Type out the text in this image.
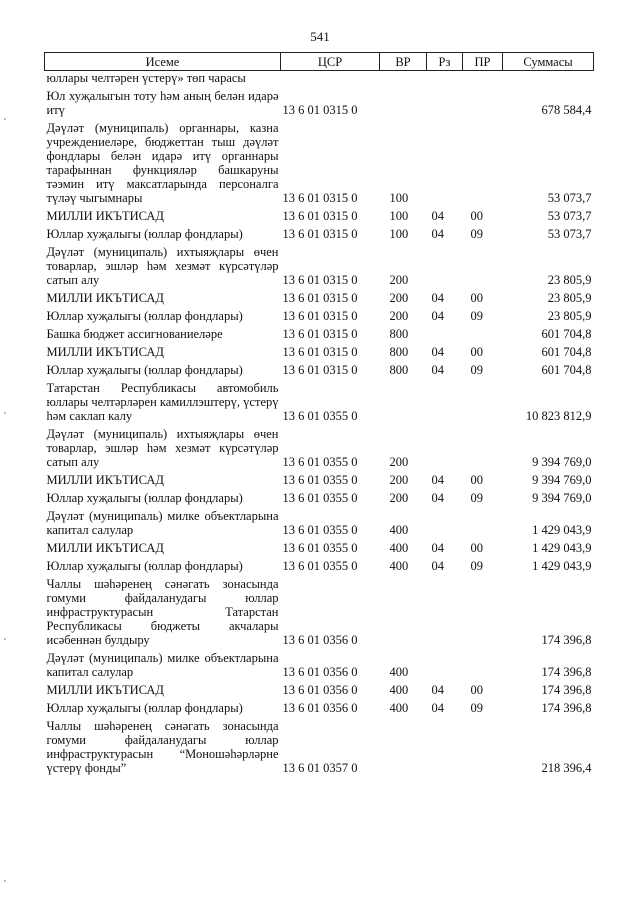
541
Исеме	ЦСР	ВР	Рз	ПР	Суммасы
юллары челтәрен үстерү» төп чарасы					
Юл хуҗалыгын тоту һәм аның белән идарә итү	13 6 01 0315 0				678 584,4
Дәүләт (муниципаль) органнары, казна учреждениеләре, бюджеттан тыш дәүләт фондлары белән идарә итү органнары тарафыннан функцияләр башкаруны тәэмин итү максатларында персоналга түләү чыгымнары	13 6 01 0315 0	100			53 073,7
МИЛЛИ ИКЪТИСАД	13 6 01 0315 0	100	04	00	53 073,7
Юллар хуҗалыгы (юллар фондлары)	13 6 01 0315 0	100	04	09	53 073,7
Дәүләт (муниципаль) ихтыяҗлары өчен товарлар, эшләр һәм хезмәт күрсәтүләр сатып алу	13 6 01 0315 0	200			23 805,9
МИЛЛИ ИКЪТИСАД	13 6 01 0315 0	200	04	00	23 805,9
Юллар хуҗалыгы (юллар фондлары)	13 6 01 0315 0	200	04	09	23 805,9
Башка бюджет ассигнованиеләре	13 6 01 0315 0	800			601 704,8
МИЛЛИ ИКЪТИСАД	13 6 01 0315 0	800	04	00	601 704,8
Юллар хуҗалыгы (юллар фондлары)	13 6 01 0315 0	800	04	09	601 704,8
Татарстан Республикасы автомобиль юллары челтәрләрен камиллэштерү, үстерү һәм саклап калу	13 6 01 0355 0				10 823 812,9
Дәүләт (муниципаль) ихтыяҗлары өчен товарлар, эшләр һәм хезмәт күрсәтүләр сатып алу	13 6 01 0355 0	200			9 394 769,0
МИЛЛИ ИКЪТИСАД	13 6 01 0355 0	200	04	00	9 394 769,0
Юллар хуҗалыгы (юллар фондлары)	13 6 01 0355 0	200	04	09	9 394 769,0
Дәүләт (муниципаль) милке объектларына капитал салулар	13 6 01 0355 0	400			1 429 043,9
МИЛЛИ ИКЪТИСАД	13 6 01 0355 0	400	04	00	1 429 043,9
Юллар хуҗалыгы (юллар фондлары)	13 6 01 0355 0	400	04	09	1 429 043,9
Чаллы шәһәренең сәнәгать зонасында гомуми файдаланудагы юллар инфраструктурасын Татарстан Республикасы бюджеты акчалары исәбеннән булдыру	13 6 01 0356 0				174 396,8
Дәүләт (муниципаль) милке объектларына капитал салулар	13 6 01 0356 0	400			174 396,8
МИЛЛИ ИКЪТИСАД	13 6 01 0356 0	400	04	00	174 396,8
Юллар хуҗалыгы (юллар фондлары)	13 6 01 0356 0	400	04	09	174 396,8
Чаллы шәһәренең сәнәгать зонасында гомуми файдаланудагы юллар инфраструктурасын “Моношәһәрләрне үстерү фонды”	13 6 01 0357 0				218 396,4
